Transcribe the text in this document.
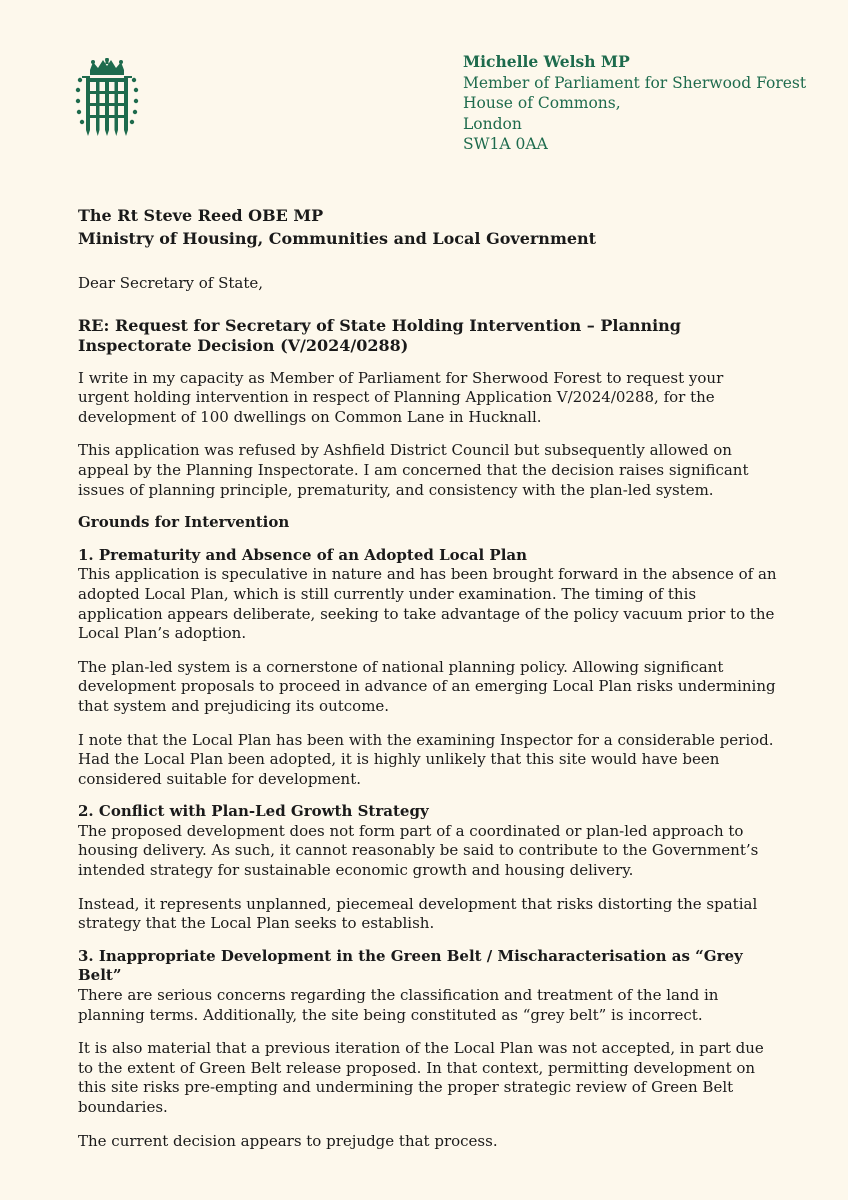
Michelle Welsh MP
Member of Parliament for Sherwood Forest
House of Commons,
London
SW1A 0AA
The Rt Steve Reed OBE MP
Ministry of Housing, Communities and Local Government
Dear Secretary of State,
RE: Request for Secretary of State Holding Intervention – Planning Inspectorate Decision (V/2024/0288)

I write in my capacity as Member of Parliament for Sherwood Forest to request your urgent holding intervention in respect of Planning Application V/2024/0288, for the development of 100 dwellings on Common Lane in Hucknall.

This application was refused by Ashfield District Council but subsequently allowed on appeal by the Planning Inspectorate. I am concerned that the decision raises significant issues of planning principle, prematurity, and consistency with the plan-led system.

Grounds for Intervention
1. Prematurity and Absence of an Adopted Local Plan

This application is speculative in nature and has been brought forward in the absence of an adopted Local Plan, which is still currently under examination. The timing of this application appears deliberate, seeking to take advantage of the policy vacuum prior to the Local Plan’s adoption.

The plan-led system is a cornerstone of national planning policy. Allowing significant development proposals to proceed in advance of an emerging Local Plan risks undermining that system and prejudicing its outcome.

I note that the Local Plan has been with the examining Inspector for a considerable period. Had the Local Plan been adopted, it is highly unlikely that this site would have been considered suitable for development.

2. Conflict with Plan-Led Growth Strategy

The proposed development does not form part of a coordinated or plan-led approach to housing delivery. As such, it cannot reasonably be said to contribute to the Government’s intended strategy for sustainable economic growth and housing delivery.

Instead, it represents unplanned, piecemeal development that risks distorting the spatial strategy that the Local Plan seeks to establish.

3. Inappropriate Development in the Green Belt / Mischaracterisation as “Grey Belt”

There are serious concerns regarding the classification and treatment of the land in planning terms. Additionally, the site being constituted as “grey belt” is incorrect.

It is also material that a previous iteration of the Local Plan was not accepted, in part due to the extent of Green Belt release proposed. In that context, permitting development on this site risks pre-empting and undermining the proper strategic review of Green Belt boundaries.

The current decision appears to prejudge that process.
